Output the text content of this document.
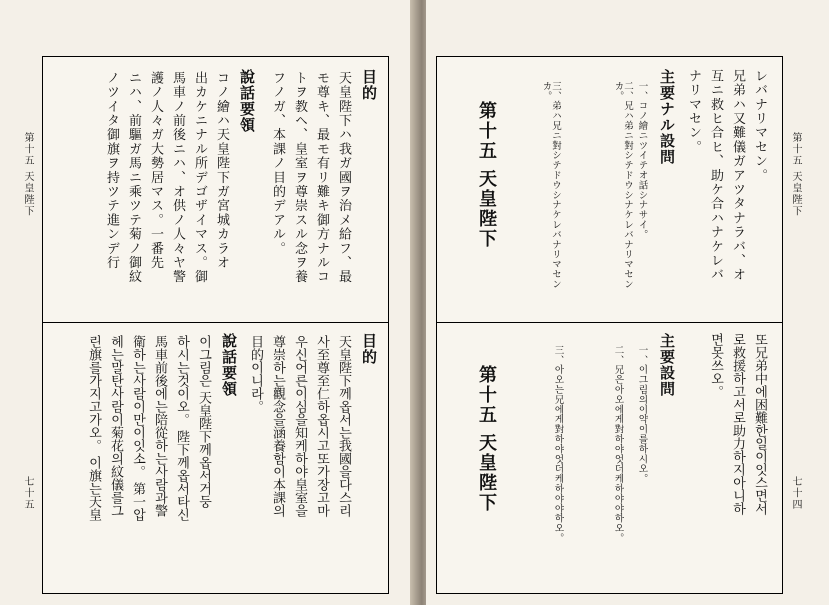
目的
天皇陛下ハ我ガ國ヲ治メ給フ、最
モ尊キ、最モ有リ難キ御方ナルコ
トヲ教ヘ、皇室ヲ尊崇スル念ヲ養
フノガ、本課ノ目的デアル。
說話要領
コノ繪ハ天皇陛下ガ宮城カラオ
出カケニナル所デゴザイマス。御
馬車ノ前後ニハ、オ供ノ人々ヤ警
護ノ人々ガ大勢居マス。一番先
ニハ、前驅ガ馬ニ乘ツテ菊ノ御紋
ノツイタ御旗ヲ持ツテ進ンデ行
目的
天皇陛下께옵서는我國을다스리
사至尊至仁하옵시고또가장고마
우신어른이심을知케하야皇室을
尊崇하는觀念을涵養함이本課의
目的이니라。
說話要領
이그림은 天皇陛下께옵서거둥
하시는것이오。 陛下께옵서타신
馬車前後에는陪從하는사람과警
衛하는사람이만이잇소。 第一압
헤는말탄사람이菊花의紋儀를그
린旗를가지고가오。 이旗는天皇
第十五 天皇陛下
七十五
レバナリマセン。
兄弟ハ又難儀ガアツタナラバ、オ
互ニ救ヒ合ヒ、助ケ合ハナケレバ
ナリマセン。
主要ナル設問
一、コノ繪ニツイテオ話シナサイ。
二、兄ハ弟ニ對シテドウシナケレバナリマセンカ。
三、弟ハ兄ニ對シテドウシナケレバナリマセンカ。
第十五 天皇陛下
또兄弟中에困難한일이잇스면서
로救援하고서로助力하지아니하
면못쓰오。
主要設問
一、이그림의이약이를하시오。
二、兄은아오에게對하야엇더케하야야하오。
三、아오는兄에게對하야엇더케하야야하오。
第十五 天皇陛下
第十五 天皇陛下
七十四
